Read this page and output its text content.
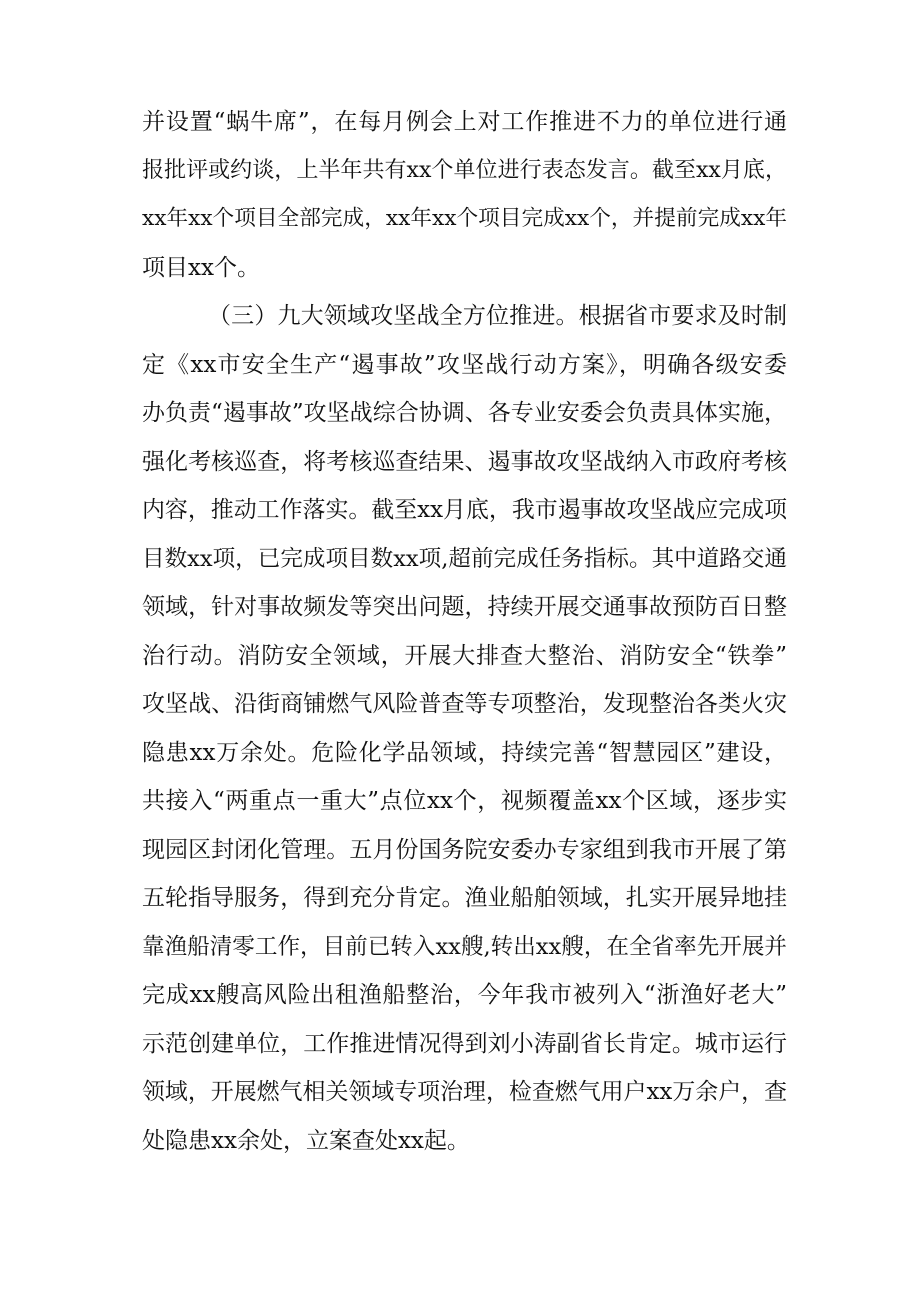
并设置“蜗牛席”，在每月例会上对工作推进不力的单位进行通
报批评或约谈，上半年共有xx个单位进行表态发言。截至xx月底，
xx年xx个项目全部完成，xx年xx个项目完成xx个，并提前完成xx年
项目xx个。
（三）九大领域攻坚战全方位推进。根据省市要求及时制
定《xx市安全生产“遏事故”攻坚战行动方案》，明确各级安委
办负责“遏事故”攻坚战综合协调、各专业安委会负责具体实施，
强化考核巡查，将考核巡查结果、遏事故攻坚战纳入市政府考核
内容，推动工作落实。截至xx月底，我市遏事故攻坚战应完成项
目数xx项，已完成项目数xx项,超前完成任务指标。其中道路交通
领域，针对事故频发等突出问题，持续开展交通事故预防百日整
治行动。消防安全领域，开展大排查大整治、消防安全“铁拳”
攻坚战、沿街商铺燃气风险普查等专项整治，发现整治各类火灾
隐患xx万余处。危险化学品领域，持续完善“智慧园区”建设，
共接入“两重点一重大”点位xx个，视频覆盖xx个区域，逐步实
现园区封闭化管理。五月份国务院安委办专家组到我市开展了第
五轮指导服务，得到充分肯定。渔业船舶领域，扎实开展异地挂
靠渔船清零工作，目前已转入xx艘,转出xx艘，在全省率先开展并
完成xx艘高风险出租渔船整治，今年我市被列入“浙渔好老大”
示范创建单位，工作推进情况得到刘小涛副省长肯定。城市运行
领域，开展燃气相关领域专项治理，检查燃气用户xx万余户，查
处隐患xx余处，立案查处xx起。
